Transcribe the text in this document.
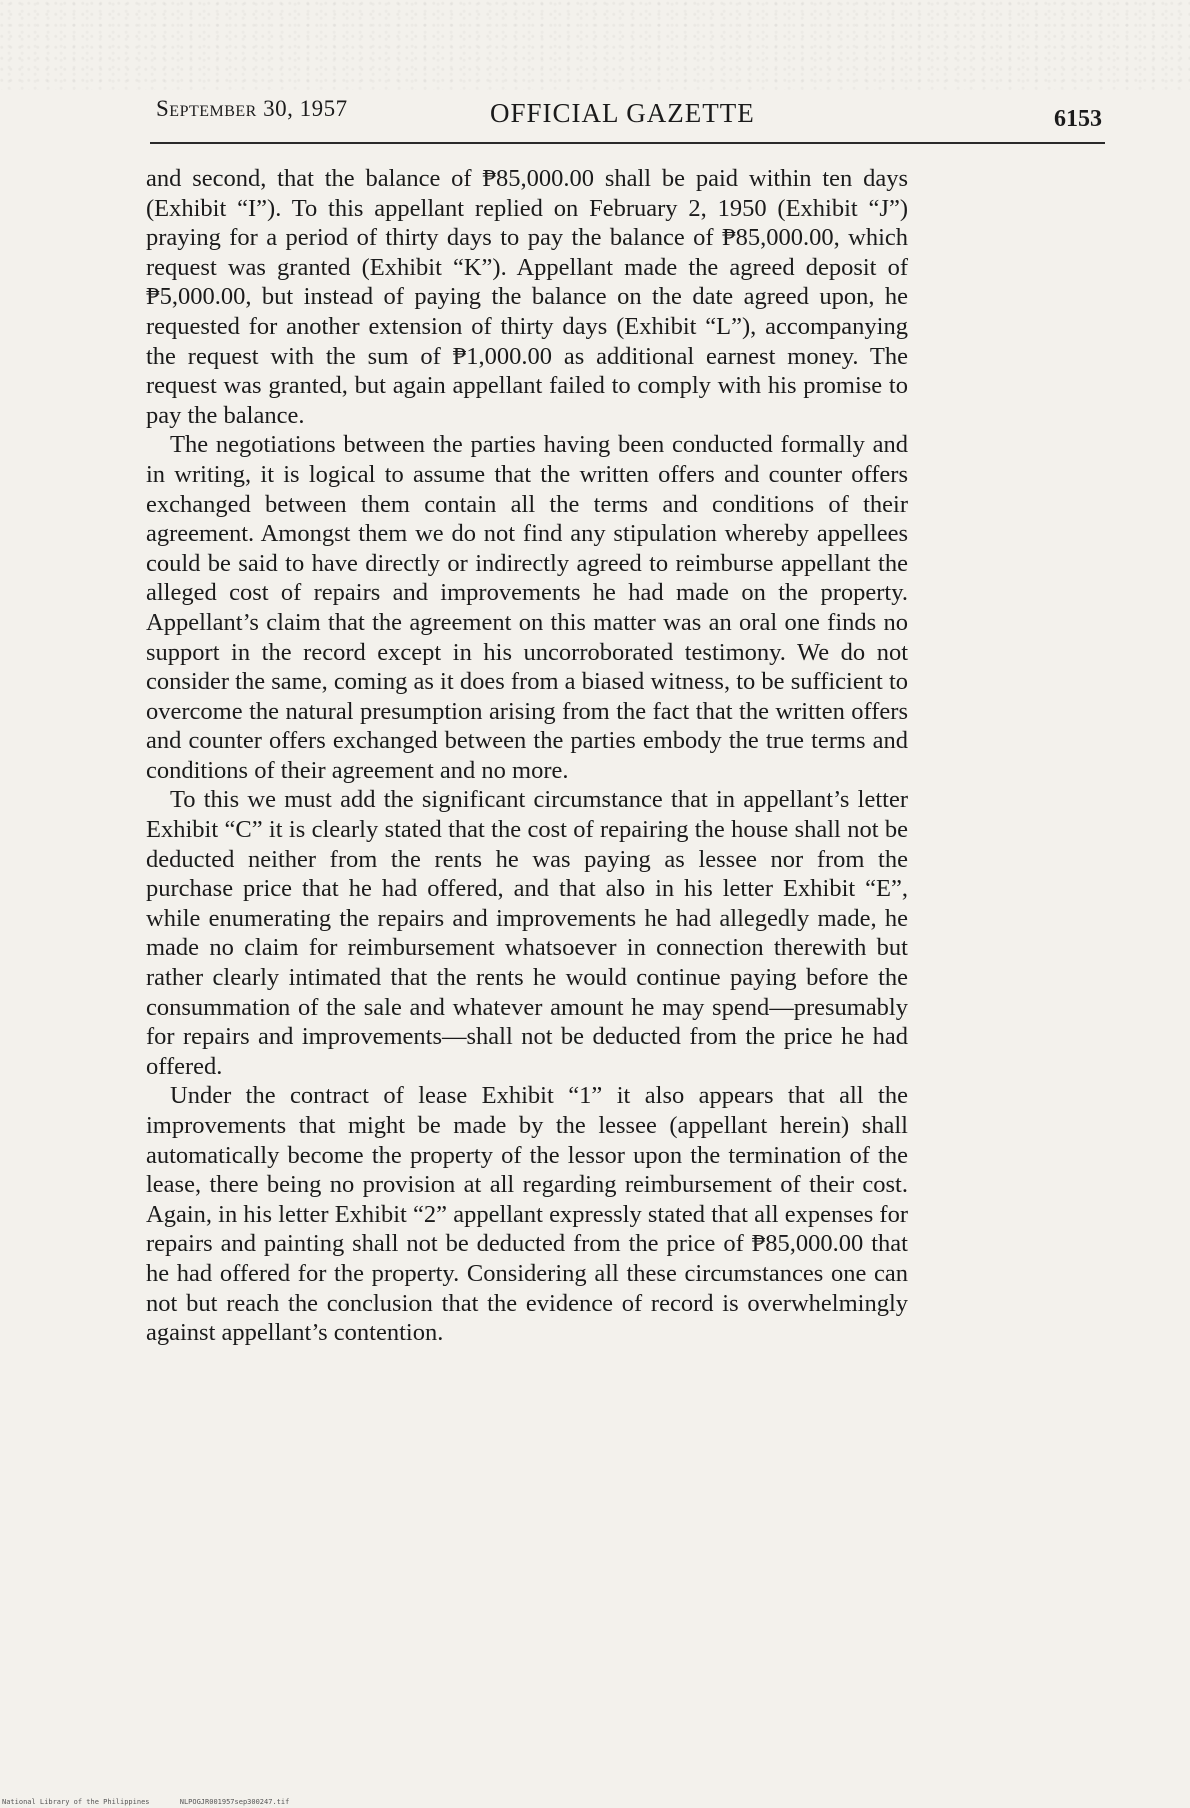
September 30, 1957	OFFICIAL GAZETTE	6153

and second, that the balance of ₱85,000.00 shall be paid within ten days (Exhibit “I”). To this appellant replied on February 2, 1950 (Exhibit “J”) praying for a period of thirty days to pay the balance of ₱85,000.00, which request was granted (Exhibit “K”). Appellant made the agreed deposit of ₱5,000.00, but instead of paying the balance on the date agreed upon, he requested for another extension of thirty days (Exhibit “L”), accompanying the request with the sum of ₱1,000.00 as additional earnest money. The request was granted, but again appellant failed to comply with his promise to pay the balance.

The negotiations between the parties having been conducted formally and in writing, it is logical to assume that the written offers and counter offers exchanged between them contain all the terms and conditions of their agreement. Amongst them we do not find any stipulation whereby appellees could be said to have directly or indirectly agreed to reimburse appellant the alleged cost of repairs and improvements he had made on the property. Appellant’s claim that the agreement on this matter was an oral one finds no support in the record except in his uncorroborated testimony. We do not consider the same, coming as it does from a biased witness, to be sufficient to overcome the natural presumption arising from the fact that the written offers and counter offers exchanged between the parties embody the true terms and conditions of their agreement and no more.

To this we must add the significant circumstance that in appellant’s letter Exhibit “C” it is clearly stated that the cost of repairing the house shall not be deducted neither from the rents he was paying as lessee nor from the purchase price that he had offered, and that also in his letter Exhibit “E”, while enumerating the repairs and improvements he had allegedly made, he made no claim for reimbursement whatsoever in connection therewith but rather clearly intimated that the rents he would continue paying before the consummation of the sale and whatever amount he may spend—presumably for repairs and improvements—shall not be deducted from the price he had offered.

Under the contract of lease Exhibit “1” it also appears that all the improvements that might be made by the lessee (appellant herein) shall automatically become the property of the lessor upon the termination of the lease, there being no provision at all regarding reimbursement of their cost. Again, in his letter Exhibit “2” appellant expressly stated that all expenses for repairs and painting shall not be deducted from the price of ₱85,000.00 that he had offered for the property. Considering all these circumstances one can not but reach the conclusion that the evidence of record is overwhelmingly against appellant’s contention.

National Library of the Philippines	NLPOGJR001957sep300247.tif
